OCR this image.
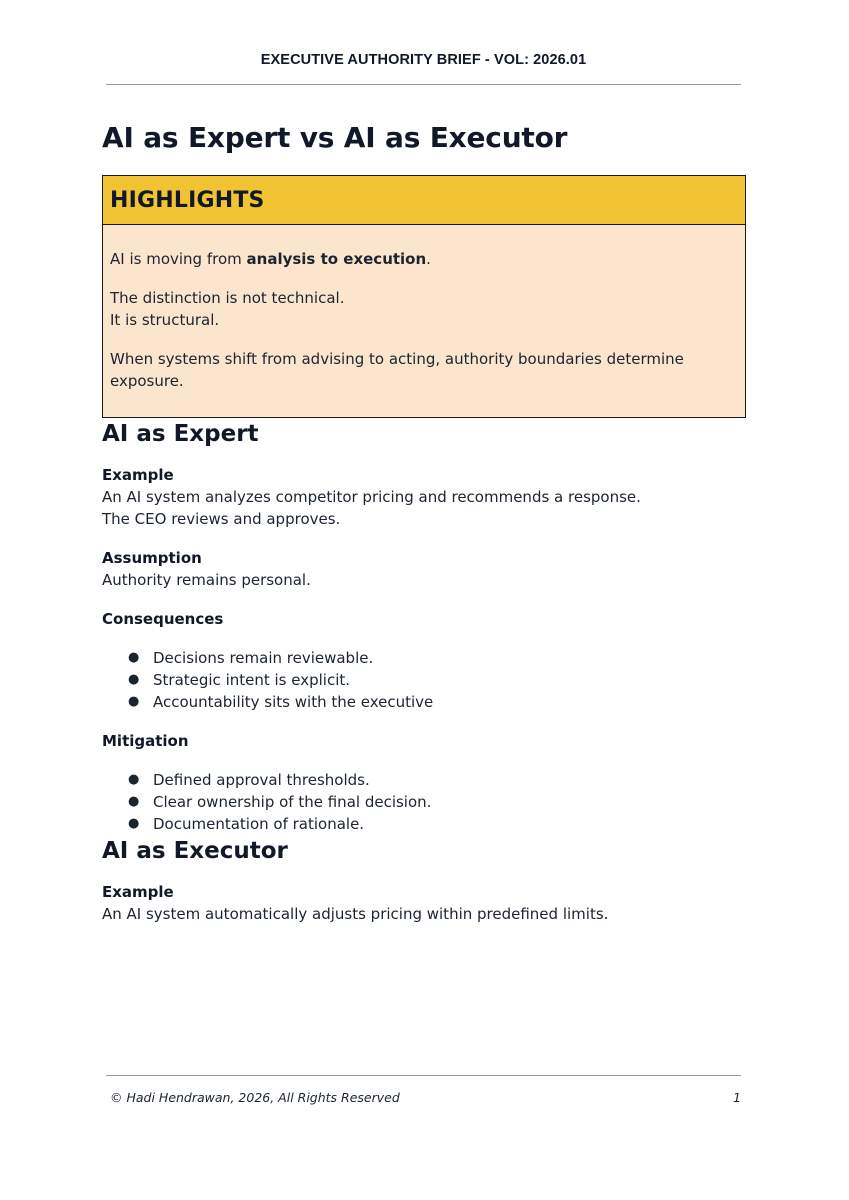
EXECUTIVE AUTHORITY BRIEF - VOL: 2026.01
AI as Expert vs AI as Executor
HIGHLIGHTS

AI is moving from analysis to execution.

The distinction is not technical.
It is structural.

When systems shift from advising to acting, authority boundaries determine exposure.

AI as Expert
Example
An AI system analyzes competitor pricing and recommends a response.
The CEO reviews and approves.
Assumption
Authority remains personal.
Consequences
● Decisions remain reviewable.
● Strategic intent is explicit.
● Accountability sits with the executive
Mitigation
● Defined approval thresholds.
● Clear ownership of the final decision.
● Documentation of rationale.
AI as Executor
Example
An AI system automatically adjusts pricing within predefined limits.
© Hadi Hendrawan, 2026, All Rights Reserved	1
